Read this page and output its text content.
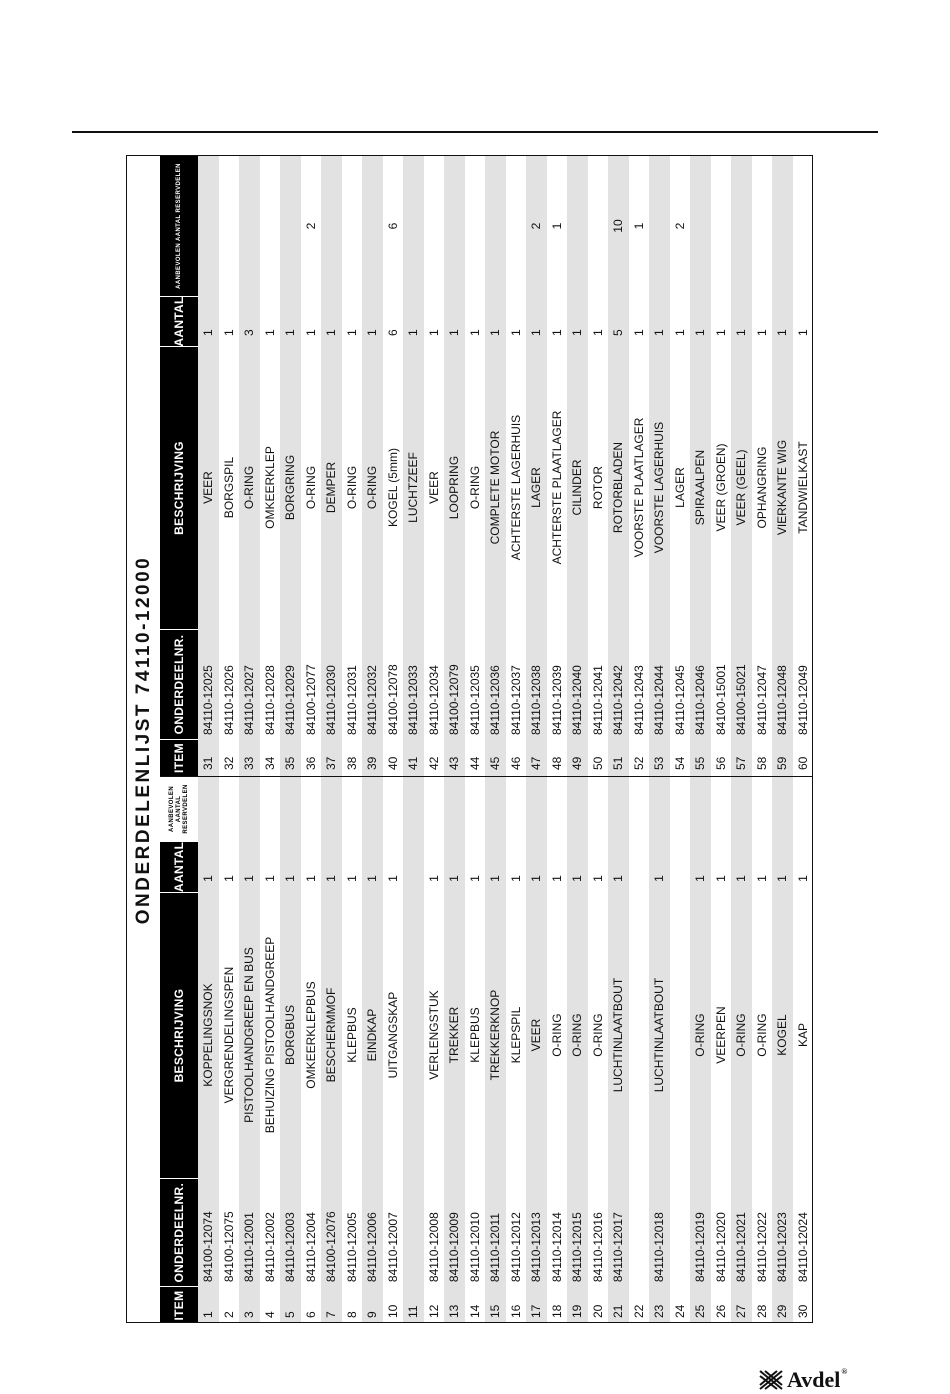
ONDERDELENLIJST 74110-12000
ITEM
ONDERDEELNR.
BESCHRIJVING
AANTAL
AANBEVOLEN AANTAL RESERVDELEN
1
84100-12074
KOPPELINGSNOK
1
2
84100-12075
VERGRENDELINGSPEN
1
3
84110-12001
PISTOOLHANDGREEP EN BUS
1
4
84110-12002
BEHUIZING PISTOOLHANDGREEP
1
5
84110-12003
BORGBUS
1
6
84110-12004
OMKEERKLEPBUS
1
7
84100-12076
BESCHERMMOF
1
8
84110-12005
KLEPBUS
1
9
84110-12006
EINDKAP
1
10
84110-12007
UITGANGSKAP
1
11 12
84110-12008
VERLENGSTUK
1
13
84110-12009
TREKKER
1
14
84110-12010
KLEPBUS
1
15
84110-12011
TREKKERKNOP
1
16
84110-12012
KLEPSPIL
1
17
84110-12013
VEER
1
18
84110-12014
O-RING
1
19
84110-12015
O-RING
1
20
84110-12016
O-RING
1
21
84110-12017
LUCHTINLAATBOUT
1
22 23
84110-12018
LUCHTINLAATBOUT
1
24 25
84110-12019
O-RING
1
26
84110-12020
VEERPEN
1
27
84110-12021
O-RING
1
28
84110-12022
O-RING
1
29
84110-12023
KOGEL
1
30
84110-12024
KAP
1
ITEM
ONDERDEELNR.
BESCHRIJVING
AANTAL
AANBEVOLEN AANTAL RESERVDELEN
31
84110-12025
VEER
1
32
84110-12026
BORGSPIL
1
33
84110-12027
O-RING
3
34
84110-12028
OMKEERKLEP
1
35
84110-12029
BORGRING
1
36
84100-12077
O-RING
1
2
37
84110-12030
DEMPER
1
38
84110-12031
O-RING
1
39
84110-12032
O-RING
1
40
84100-12078
KOGEL (5mm)
6
6
41
84110-12033
LUCHTZEEF
1
42
84110-12034
VEER
1
43
84100-12079
LOOPRING
1
44
84110-12035
O-RING
1
45
84110-12036
COMPLETE MOTOR
1
46
84110-12037
ACHTERSTE LAGERHUIS
1
47
84110-12038
LAGER
1
2
48
84110-12039
ACHTERSTE PLAATLAGER
1
1
49
84110-12040
CILINDER
1
50
84110-12041
ROTOR
1
51
84110-12042
ROTORBLADEN
5
10
52
84110-12043
VOORSTE PLAATLAGER
1
1
53
84110-12044
VOORSTE LAGERHUIS
1
54
84110-12045
LAGER
1
2
55
84110-12046
SPIRAALPEN
1
56
84100-15001
VEER (GROEN)
1
57
84100-15021
VEER (GEEL)
1
58
84110-12047
OPHANGRING
1
59
84110-12048
VIERKANTE WIG
1
60
84110-12049
TANDWIELKAST
1
Avdel®
